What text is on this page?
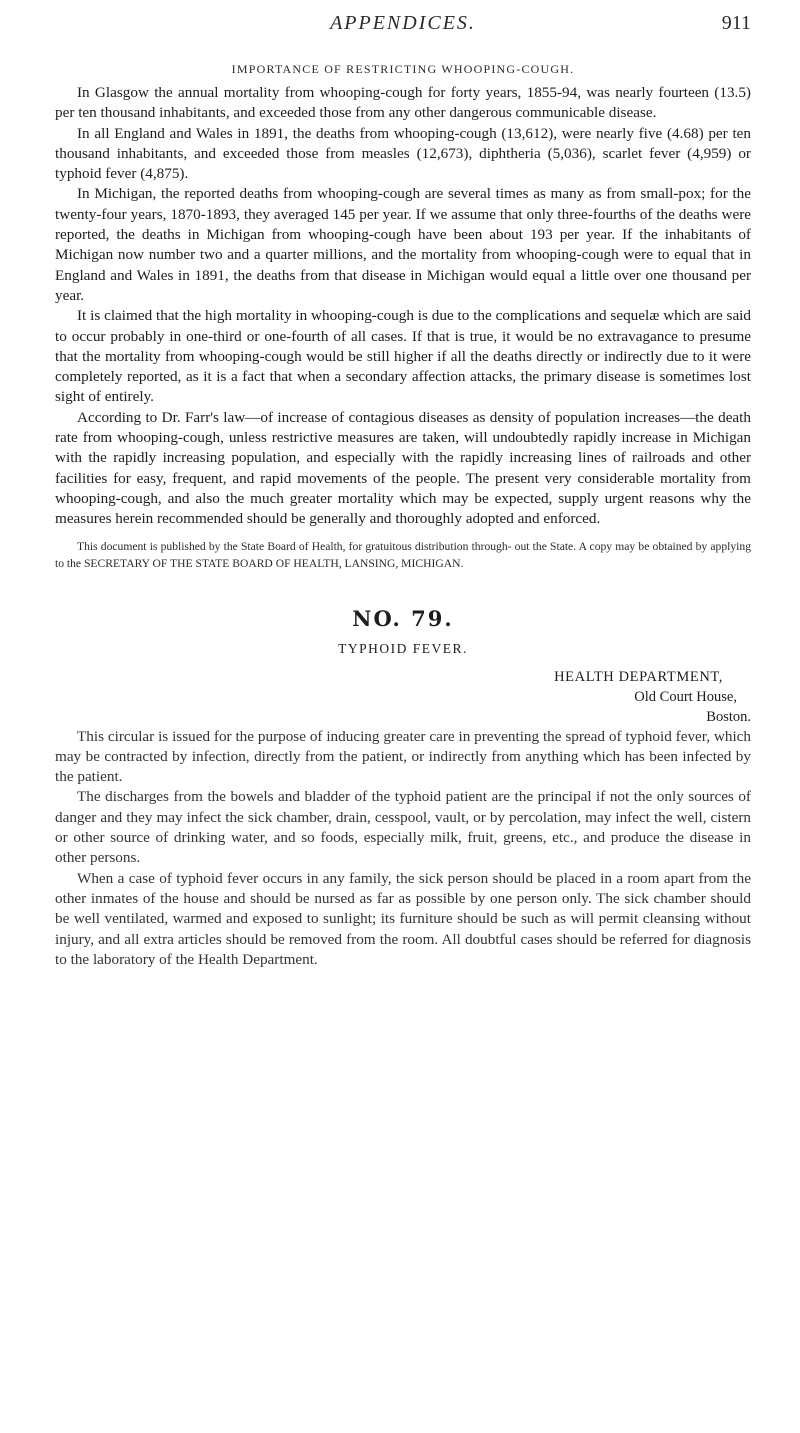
APPENDICES.	911
IMPORTANCE OF RESTRICTING WHOOPING-COUGH.

In Glasgow the annual mortality from whooping-cough for forty years, 1855-94, was nearly fourteen (13.5) per ten thousand inhabitants, and exceeded those from any other dangerous communicable disease.

In all England and Wales in 1891, the deaths from whooping-cough (13,612), were nearly five (4.68) per ten thousand inhabitants, and exceeded those from measles (12,673), diphtheria (5,036), scarlet fever (4,959) or typhoid fever (4,875).

In Michigan, the reported deaths from whooping-cough are several times as many as from small-pox; for the twenty-four years, 1870-1893, they averaged 145 per year. If we assume that only three-fourths of the deaths were reported, the deaths in Michigan from whooping-cough have been about 193 per year. If the inhabitants of Michigan now number two and a quarter millions, and the mortality from whooping-cough were to equal that in England and Wales in 1891, the deaths from that disease in Michigan would equal a little over one thousand per year.

It is claimed that the high mortality in whooping-cough is due to the complications and sequelæ which are said to occur probably in one-third or one-fourth of all cases. If that is true, it would be no extravagance to presume that the mortality from whooping-cough would be still higher if all the deaths directly or indirectly due to it were completely reported, as it is a fact that when a secondary affection attacks, the primary disease is sometimes lost sight of entirely.

According to Dr. Farr's law—of increase of contagious diseases as density of population increases—the death rate from whooping-cough, unless restrictive measures are taken, will undoubtedly rapidly increase in Michigan with the rapidly increasing population, and especially with the rapidly increasing lines of railroads and other facilities for easy, frequent, and rapid movements of the people. The present very considerable mortality from whooping-cough, and also the much greater mortality which may be expected, supply urgent reasons why the measures herein recommended should be generally and thoroughly adopted and enforced.

This document is published by the State Board of Health, for gratuitous distribution through- out the State. A copy may be obtained by applying to the SECRETARY OF THE STATE BOARD OF HEALTH, LANSING, MICHIGAN.

NO. 79.
TYPHOID FEVER.
HEALTH DEPARTMENT,
Old Court House,
Boston.

This circular is issued for the purpose of inducing greater care in preventing the spread of typhoid fever, which may be contracted by infection, directly from the patient, or indirectly from anything which has been infected by the patient.

The discharges from the bowels and bladder of the typhoid patient are the principal if not the only sources of danger and they may infect the sick chamber, drain, cesspool, vault, or by percolation, may infect the well, cistern or other source of drinking water, and so foods, especially milk, fruit, greens, etc., and produce the disease in other persons.

When a case of typhoid fever occurs in any family, the sick person should be placed in a room apart from the other inmates of the house and should be nursed as far as possible by one person only. The sick chamber should be well ventilated, warmed and exposed to sunlight; its furniture should be such as will permit cleansing without injury, and all extra articles should be removed from the room. All doubtful cases should be referred for diagnosis to the laboratory of the Health Department.
